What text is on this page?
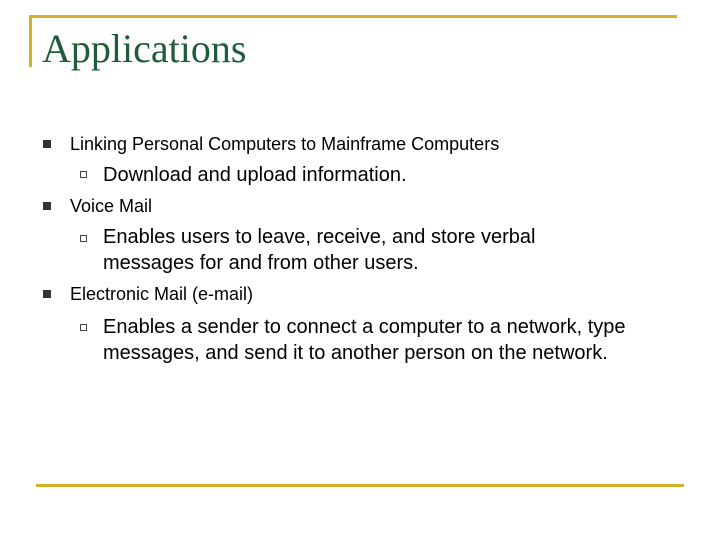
Applications
Linking Personal Computers to Mainframe Computers
Download and upload information.
Voice Mail
Enables users to leave, receive, and store verbal
messages for and from other users.
Electronic Mail (e-mail)
Enables a sender to connect a computer to a network, type
messages, and send it to another person on the network.
